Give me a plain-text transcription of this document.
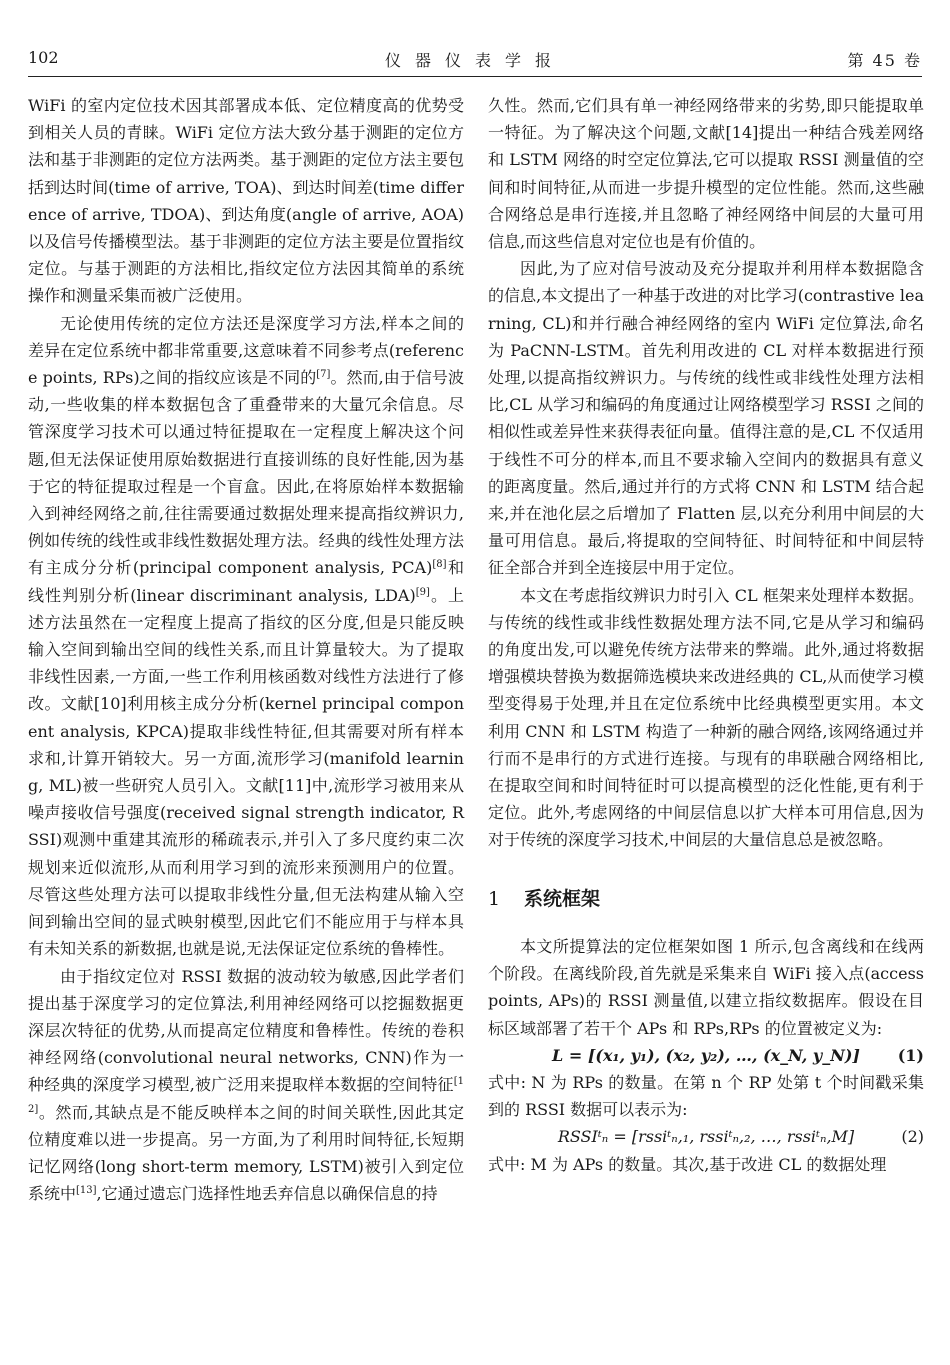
102	仪器仪表学报	第 45 卷

WiFi 的室内定位技术因其部署成本低、定位精度高的优势受到相关人员的青睐。WiFi 定位方法大致分基于测距的定位方法和基于非测距的定位方法两类。基于测距的定位方法主要包括到达时间(time of arrive, TOA)、到达时间差(time difference of arrive, TDOA)、到达角度(angle of arrive, AOA)以及信号传播模型法。基于非测距的定位方法主要是位置指纹定位。与基于测距的方法相比,指纹定位方法因其简单的系统操作和测量采集而被广泛使用。

无论使用传统的定位方法还是深度学习方法,样本之间的差异在定位系统中都非常重要,这意味着不同参考点(reference points, RPs)之间的指纹应该是不同的[7]。然而,由于信号波动,一些收集的样本数据包含了重叠带来的大量冗余信息。尽管深度学习技术可以通过特征提取在一定程度上解决这个问题,但无法保证使用原始数据进行直接训练的良好性能,因为基于它的特征提取过程是一个盲盒。因此,在将原始样本数据输入到神经网络之前,往往需要通过数据处理来提高指纹辨识力,例如传统的线性或非线性数据处理方法。经典的线性处理方法有主成分分析(principal component analysis, PCA)[8]和线性判别分析(linear discriminant analysis, LDA)[9]。上述方法虽然在一定程度上提高了指纹的区分度,但是只能反映输入空间到输出空间的线性关系,而且计算量较大。为了提取非线性因素,一方面,一些工作利用核函数对线性方法进行了修改。文献[10]利用核主成分分析(kernel principal component analysis, KPCA)提取非线性特征,但其需要对所有样本求和,计算开销较大。另一方面,流形学习(manifold learning, ML)被一些研究人员引入。文献[11]中,流形学习被用来从噪声接收信号强度(received signal strength indicator, RSSI)观测中重建其流形的稀疏表示,并引入了多尺度约束二次规划来近似流形,从而利用学习到的流形来预测用户的位置。尽管这些处理方法可以提取非线性分量,但无法构建从输入空间到输出空间的显式映射模型,因此它们不能应用于与样本具有未知关系的新数据,也就是说,无法保证定位系统的鲁棒性。

由于指纹定位对 RSSI 数据的波动较为敏感,因此学者们提出基于深度学习的定位算法,利用神经网络可以挖掘数据更深层次特征的优势,从而提高定位精度和鲁棒性。传统的卷积神经网络(convolutional neural networks, CNN)作为一种经典的深度学习模型,被广泛用来提取样本数据的空间特征[12]。然而,其缺点是不能反映样本之间的时间关联性,因此其定位精度难以进一步提高。另一方面,为了利用时间特征,长短期记忆网络(long short-term memory, LSTM)被引入到定位系统中[13],它通过遗忘门选择性地丢弃信息以确保信息的持

久性。然而,它们具有单一神经网络带来的劣势,即只能提取单一特征。为了解决这个问题,文献[14]提出一种结合残差网络和 LSTM 网络的时空定位算法,它可以提取 RSSI 测量值的空间和时间特征,从而进一步提升模型的定位性能。然而,这些融合网络总是串行连接,并且忽略了神经网络中间层的大量可用信息,而这些信息对定位也是有价值的。

因此,为了应对信号波动及充分提取并利用样本数据隐含的信息,本文提出了一种基于改进的对比学习(contrastive learning, CL)和并行融合神经网络的室内 WiFi 定位算法,命名为 PaCNN-LSTM。首先利用改进的 CL 对样本数据进行预处理,以提高指纹辨识力。与传统的线性或非线性处理方法相比,CL 从学习和编码的角度通过让网络模型学习 RSSI 之间的相似性或差异性来获得表征向量。值得注意的是,CL 不仅适用于线性不可分的样本,而且不要求输入空间内的数据具有意义的距离度量。然后,通过并行的方式将 CNN 和 LSTM 结合起来,并在池化层之后增加了 Flatten 层,以充分利用中间层的大量可用信息。最后,将提取的空间特征、时间特征和中间层特征全部合并到全连接层中用于定位。

本文在考虑指纹辨识力时引入 CL 框架来处理样本数据。与传统的线性或非线性数据处理方法不同,它是从学习和编码的角度出发,可以避免传统方法带来的弊端。此外,通过将数据增强模块替换为数据筛选模块来改进经典的 CL,从而使学习模型变得易于处理,并且在定位系统中比经典模型更实用。本文利用 CNN 和 LSTM 构造了一种新的融合网络,该网络通过并行而不是串行的方式进行连接。与现有的串联融合网络相比,在提取空间和时间特征时可以提高模型的泛化性能,更有利于定位。此外,考虑网络的中间层信息以扩大样本可用信息,因为对于传统的深度学习技术,中间层的大量信息总是被忽略。

1 系统框架

本文所提算法的定位框架如图 1 所示,包含离线和在线两个阶段。在离线阶段,首先就是采集来自 WiFi 接入点(access points, APs)的 RSSI 测量值,以建立指纹数据库。假设在目标区域部署了若干个 APs 和 RPs,RPs 的位置被定义为:

L = [(x₁, y₁), (x₂, y₂), …, (x_N, y_N)] (1)

式中: N 为 RPs 的数量。在第 n 个 RP 处第 t 个时间戳采集到的 RSSI 数据可以表示为:

RSSIᵗₙ = [rssiᵗₙ,₁, rssiᵗₙ,₂, …, rssiᵗₙ,M]	(2)

式中: M 为 APs 的数量。其次,基于改进 CL 的数据处理
